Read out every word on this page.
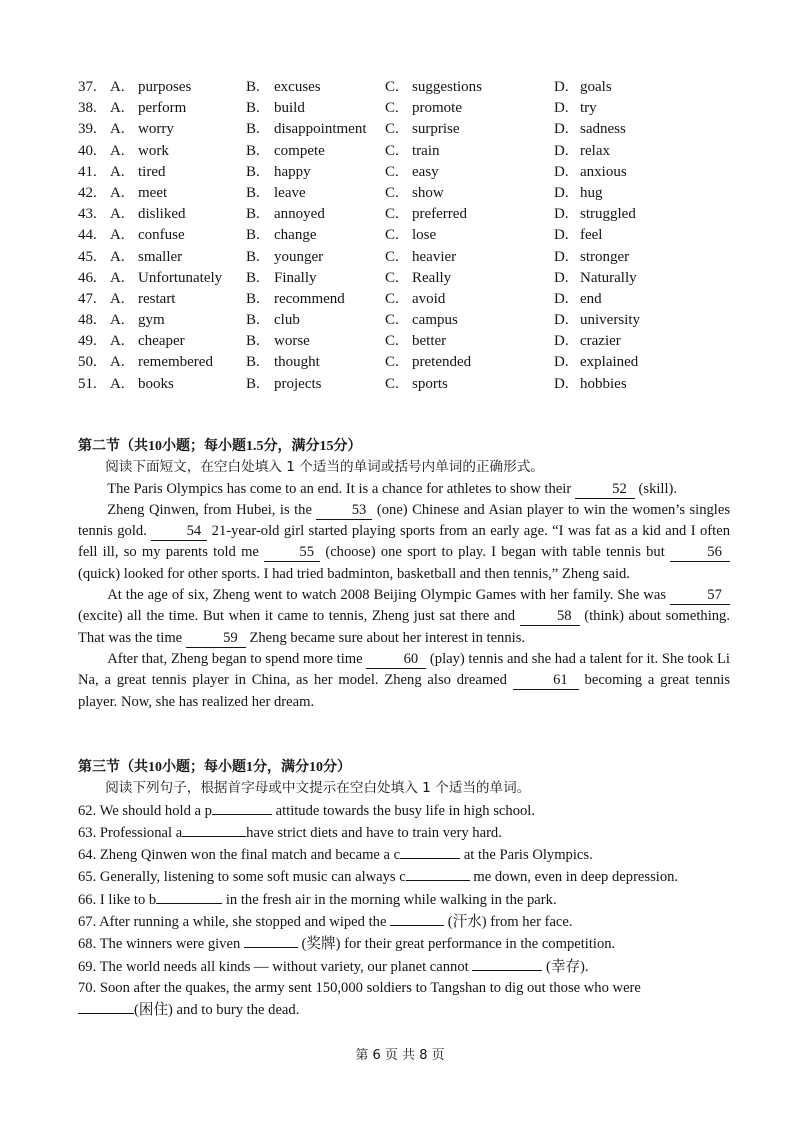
37. A. purposes	B. excuses	C. suggestions	D. goals
38. A. perform	B. build	C. promote	D. try
39. A. worry	B. disappointment C. surprise	D. sadness
40. A. work	B. compete	C. train	D. relax
41. A. tired	B. happy	C. easy	D. anxious
42. A. meet	B. leave	C. show	D. hug
43. A. disliked	B. annoyed	C. preferred	D. struggled
44. A. confuse	B. change	C. lose	D. feel
45. A. smaller	B. younger	C. heavier	D. stronger
46. A. Unfortunately B. Finally	C. Really	D. Naturally
47. A. restart	B. recommend	C. avoid	D. end
48. A. gym	B. club	C. campus	D. university
49. A. cheaper	B. worse	C. better	D. crazier
50. A. remembered B. thought	C. pretended	D. explained
51. A. books	B. projects	C. sports	D. hobbies
第二节（共10小题；每小题1.5分，满分15分）
阅读下面短文，在空白处填入 1 个适当的单词或括号内单词的正确形式。

The Paris Olympics has come to an end. It is a chance for athletes to show their	52 (skill).

Zheng Qinwen, from Hubei, is the 53 (one) Chinese and Asian player to win the women’s singles tennis gold. 54 21-year-old girl started playing sports from an early age. “I was fat as a kid and I often fell ill, so my parents told me 55 (choose) one sport to play. I began with table tennis but	56 (quick) looked for other sports. I had tried badminton, basketball and then tennis,” Zheng said.

At the age of six, Zheng went to watch 2008 Beijing Olympic Games with her family. She was	57 (excite) all the time. But when it came to tennis, Zheng just sat there and	58 (think) about something. That was the time	59 Zheng became sure about her interest in tennis.

After that, Zheng began to spend more time	60 (play) tennis and she had a talent for it. She took Li Na, a great tennis player in China, as her model. Zheng also dreamed	61 becoming a great tennis player. Now, she has realized her dream.

第三节（共10小题；每小题1分，满分10分）
阅读下列句子，根据首字母或中文提示在空白处填入 1 个适当的单词。
62. We should hold a p	attitude towards the busy life in high school.
63. Professional a	have strict diets and have to train very hard.
64. Zheng Qinwen won the final match and became a c	at the Paris Olympics.
65. Generally, listening to some soft music can always c	me down, even in deep depression.
66. I like to b	in the fresh air in the morning while walking in the park.
67. After running a while, she stopped and wiped the	(汗水) from her face.
68. The winners were given	(奖牌) for their great performance in the competition.
69. The world needs all kinds — without variety, our planet cannot	(幸存).
70. Soon after the quakes, the army sent 150,000 soldiers to Tangshan to dig out those who were
(困住) and to bury the dead.
第 6 页 共 8 页
